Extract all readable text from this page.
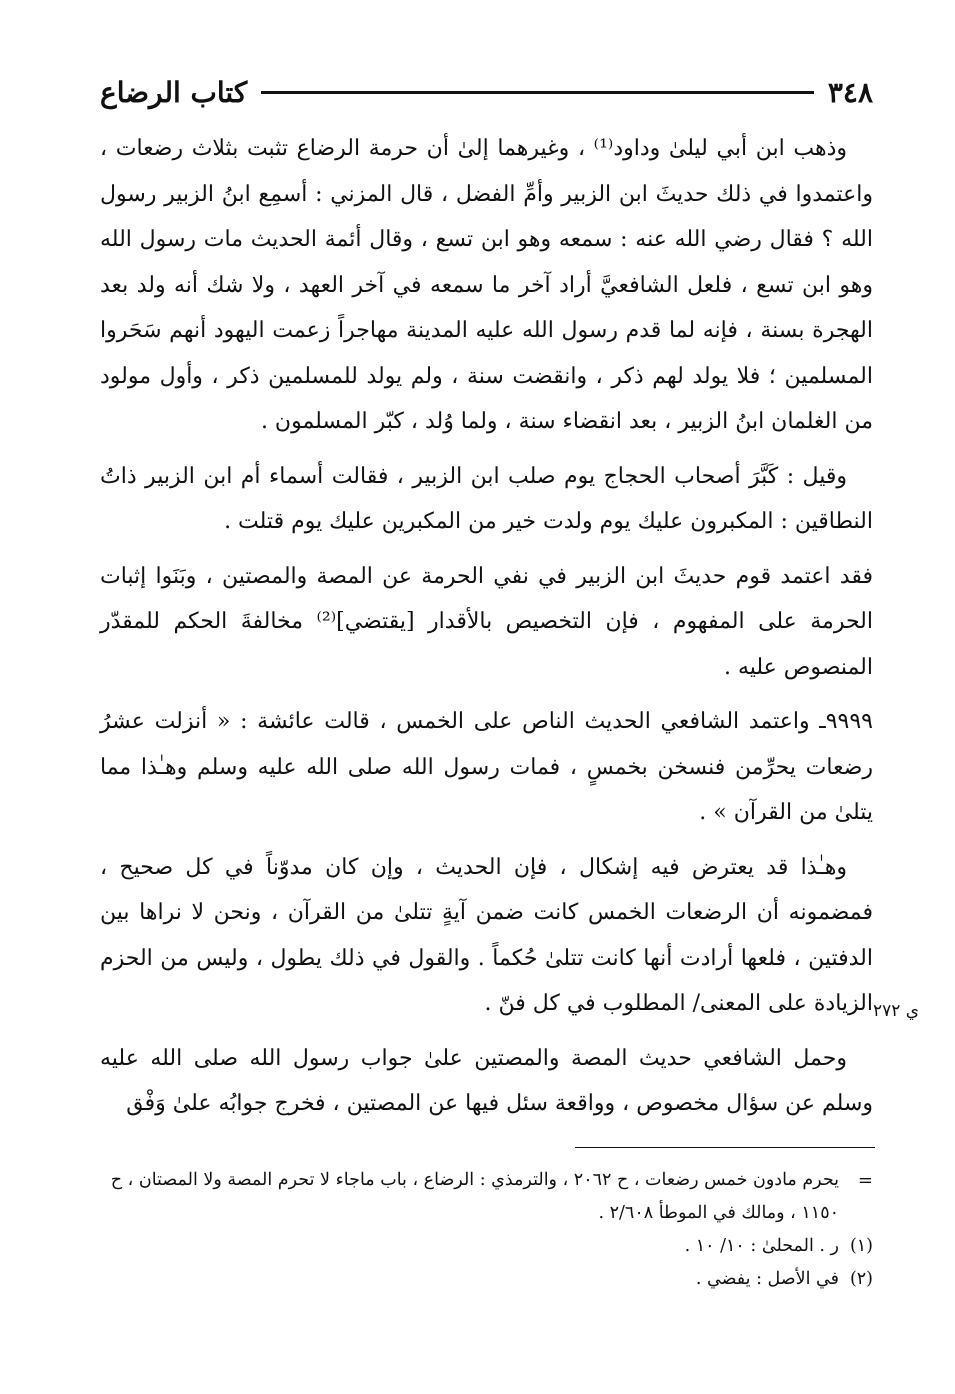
٣٤٨
كتاب الرضاع

وذهب ابن أبي ليلىٰ وداود⁽¹⁾ ، وغيرهما إلىٰ أن حرمة الرضاع تثبت بثلاث رضعات ، واعتمدوا في ذلك حديثَ ابن الزبير وأمِّ الفضل ، قال المزني : أسمِع ابنُ الزبير رسول الله ؟ فقال رضي الله عنه : سمعه وهو ابن تسع ، وقال أئمة الحديث مات رسول الله وهو ابن تسع ، فلعل الشافعيَّ أراد آخر ما سمعه في آخر العهد ، ولا شك أنه ولد بعد الهجرة بسنة ، فإنه لما قدم رسول الله عليه المدينة مهاجراً زعمت اليهود أنهم سَحَروا المسلمين ؛ فلا يولد لهم ذكر ، وانقضت سنة ، ولم يولد للمسلمين ذكر ، وأول مولود من الغلمان ابنُ الزبير ، بعد انقضاء سنة ، ولما وُلد ، كبّر المسلمون .

وقيل : كَبَّرَ أصحاب الحجاج يوم صلب ابن الزبير ، فقالت أسماء أم ابن الزبير ذاتُ النطاقين : المكبرون عليك يوم ولدت خير من المكبرين عليك يوم قتلت .

فقد اعتمد قوم حديثَ ابن الزبير في نفي الحرمة عن المصة والمصتين ، وبَنَوا إثبات الحرمة على المفهوم ، فإن التخصيص بالأقدار [يقتضي]⁽²⁾ مخالفةَ الحكم للمقدّر المنصوص عليه .

٩٩٩٩ـ واعتمد الشافعي الحديث الناص على الخمس ، قالت عائشة : « أنزلت عشرُ رضعات يحرِّمن فنسخن بخمسٍ ، فمات رسول الله صلى الله عليه وسلم وهـٰذا مما يتلىٰ من القرآن » .

وهـٰذا قد يعترض فيه إشكال ، فإن الحديث ، وإن كان مدوّناً في كل صحيح ، فمضمونه أن الرضعات الخمس كانت ضمن آيةٍ تتلىٰ من القرآن ، ونحن لا نراها بين الدفتين ، فلعها أرادت أنها كانت تتلىٰ حُكماً . والقول في ذلك يطول ، وليس من الحزم الزيادة على المعنى/ المطلوب في كل فنّ .

وحمل الشافعي حديث المصة والمصتين علىٰ جواب رسول الله صلى الله عليه وسلم عن سؤال مخصوص ، وواقعة سئل فيها عن المصتين ، فخرج جوابُه علىٰ وَفْق

ي ٢٧٢
=
يحرم مادون خمس رضعات ، ح ٢٠٦٢ ، والترمذي : الرضاع ، باب ماجاء لا تحرم المصة ولا المصتان ، ح ١١٥٠ ، ومالك في الموطأ ٢/٦٠٨ .
(١)
ر . المحلىٰ : ١٠/ ١٠ .
(٢)
في الأصل : يفضي .
